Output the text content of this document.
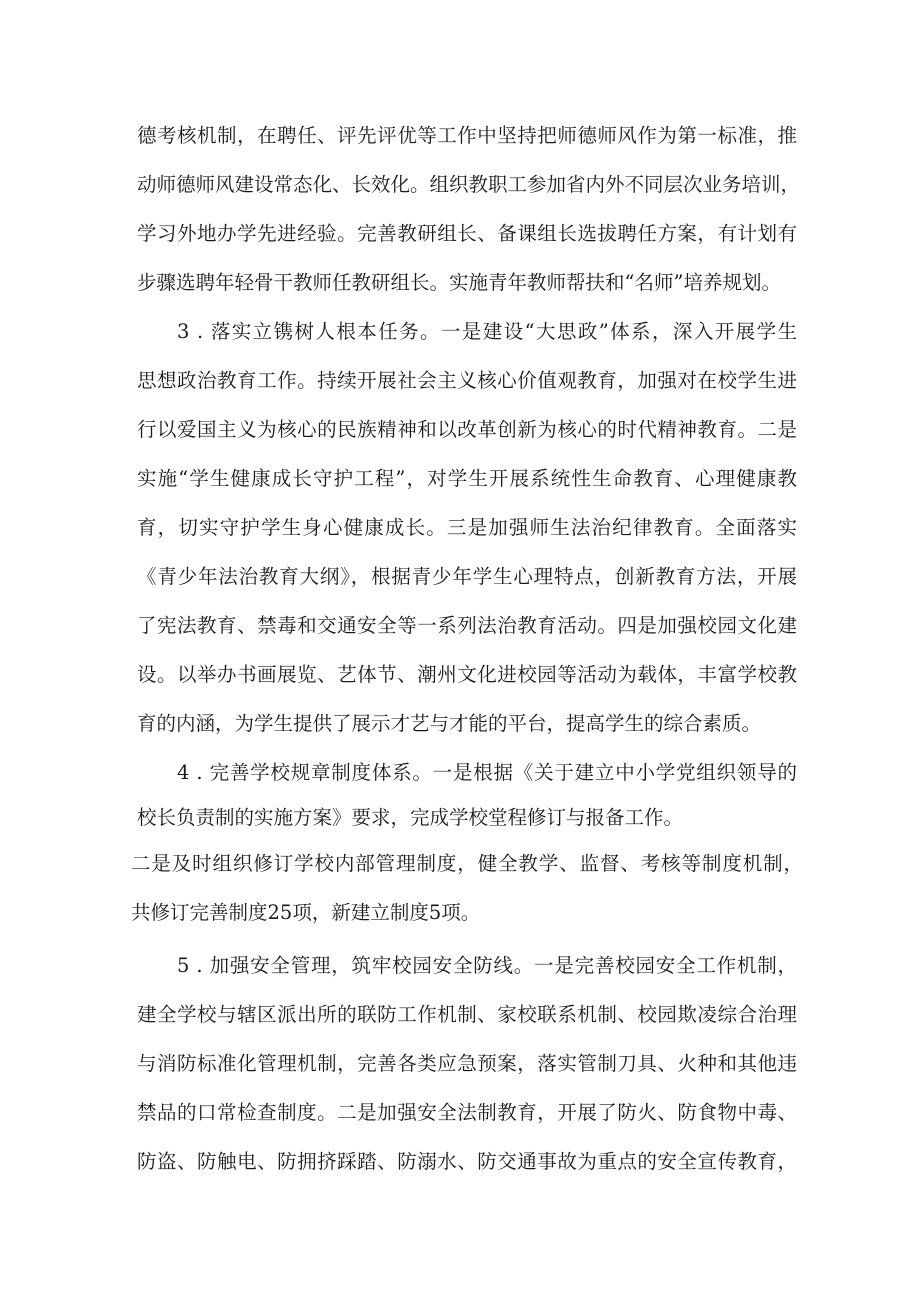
德考核机制，在聘任、评先评优等工作中坚持把师德师风作为第一标准，推
动师德师风建设常态化、长效化。组织教职工参加省内外不同层次业务培训，
学习外地办学先进经验。完善教研组长、备课组长选拔聘任方案，有计划有
步骤选聘年轻骨干教师任教研组长。实施青年教师帮扶和“名师”培养规划。
3 . 落实立镌树人根本任务。一是建设“大思政”体系，深入开展学生
思想政治教育工作。持续开展社会主义核心价值观教育，加强对在校学生进
行以爱国主义为核心的民族精神和以改革创新为核心的时代精神教育。二是
实施“学生健康成长守护工程”，对学生开展系统性生命教育、心理健康教
育，切实守护学生身心健康成长。三是加强师生法治纪律教育。全面落实
《青少年法治教育大纲》，根据青少年学生心理特点，创新教育方法，开展
了宪法教育、禁毒和交通安全等一系列法治教育活动。四是加强校园文化建
设。以举办书画展览、艺体节、潮州文化进校园等活动为载体，丰富学校教
育的内涵，为学生提供了展示才艺与才能的平台，提高学生的综合素质。
4 . 完善学校规章制度体系。一是根据《关于建立中小学党组织领导的
校长负责制的实施方案》要求，完成学校堂程修订与报备工作。
二是及时组织修订学校内部管理制度，健全教学、监督、考核等制度机制，
共修订完善制度25项，新建立制度5项。
5 . 加强安全管理，筑牢校园安全防线。一是完善校园安全工作机制，
建全学校与辖区派出所的联防工作机制、家校联系机制、校园欺凌综合治理
与消防标准化管理机制，完善各类应急预案，落实管制刀具、火种和其他违
禁品的口常检查制度。二是加强安全法制教育，开展了防火、防食物中毒、
防盗、防触电、防拥挤踩踏、防溺水、防交通事故为重点的安全宣传教育，
